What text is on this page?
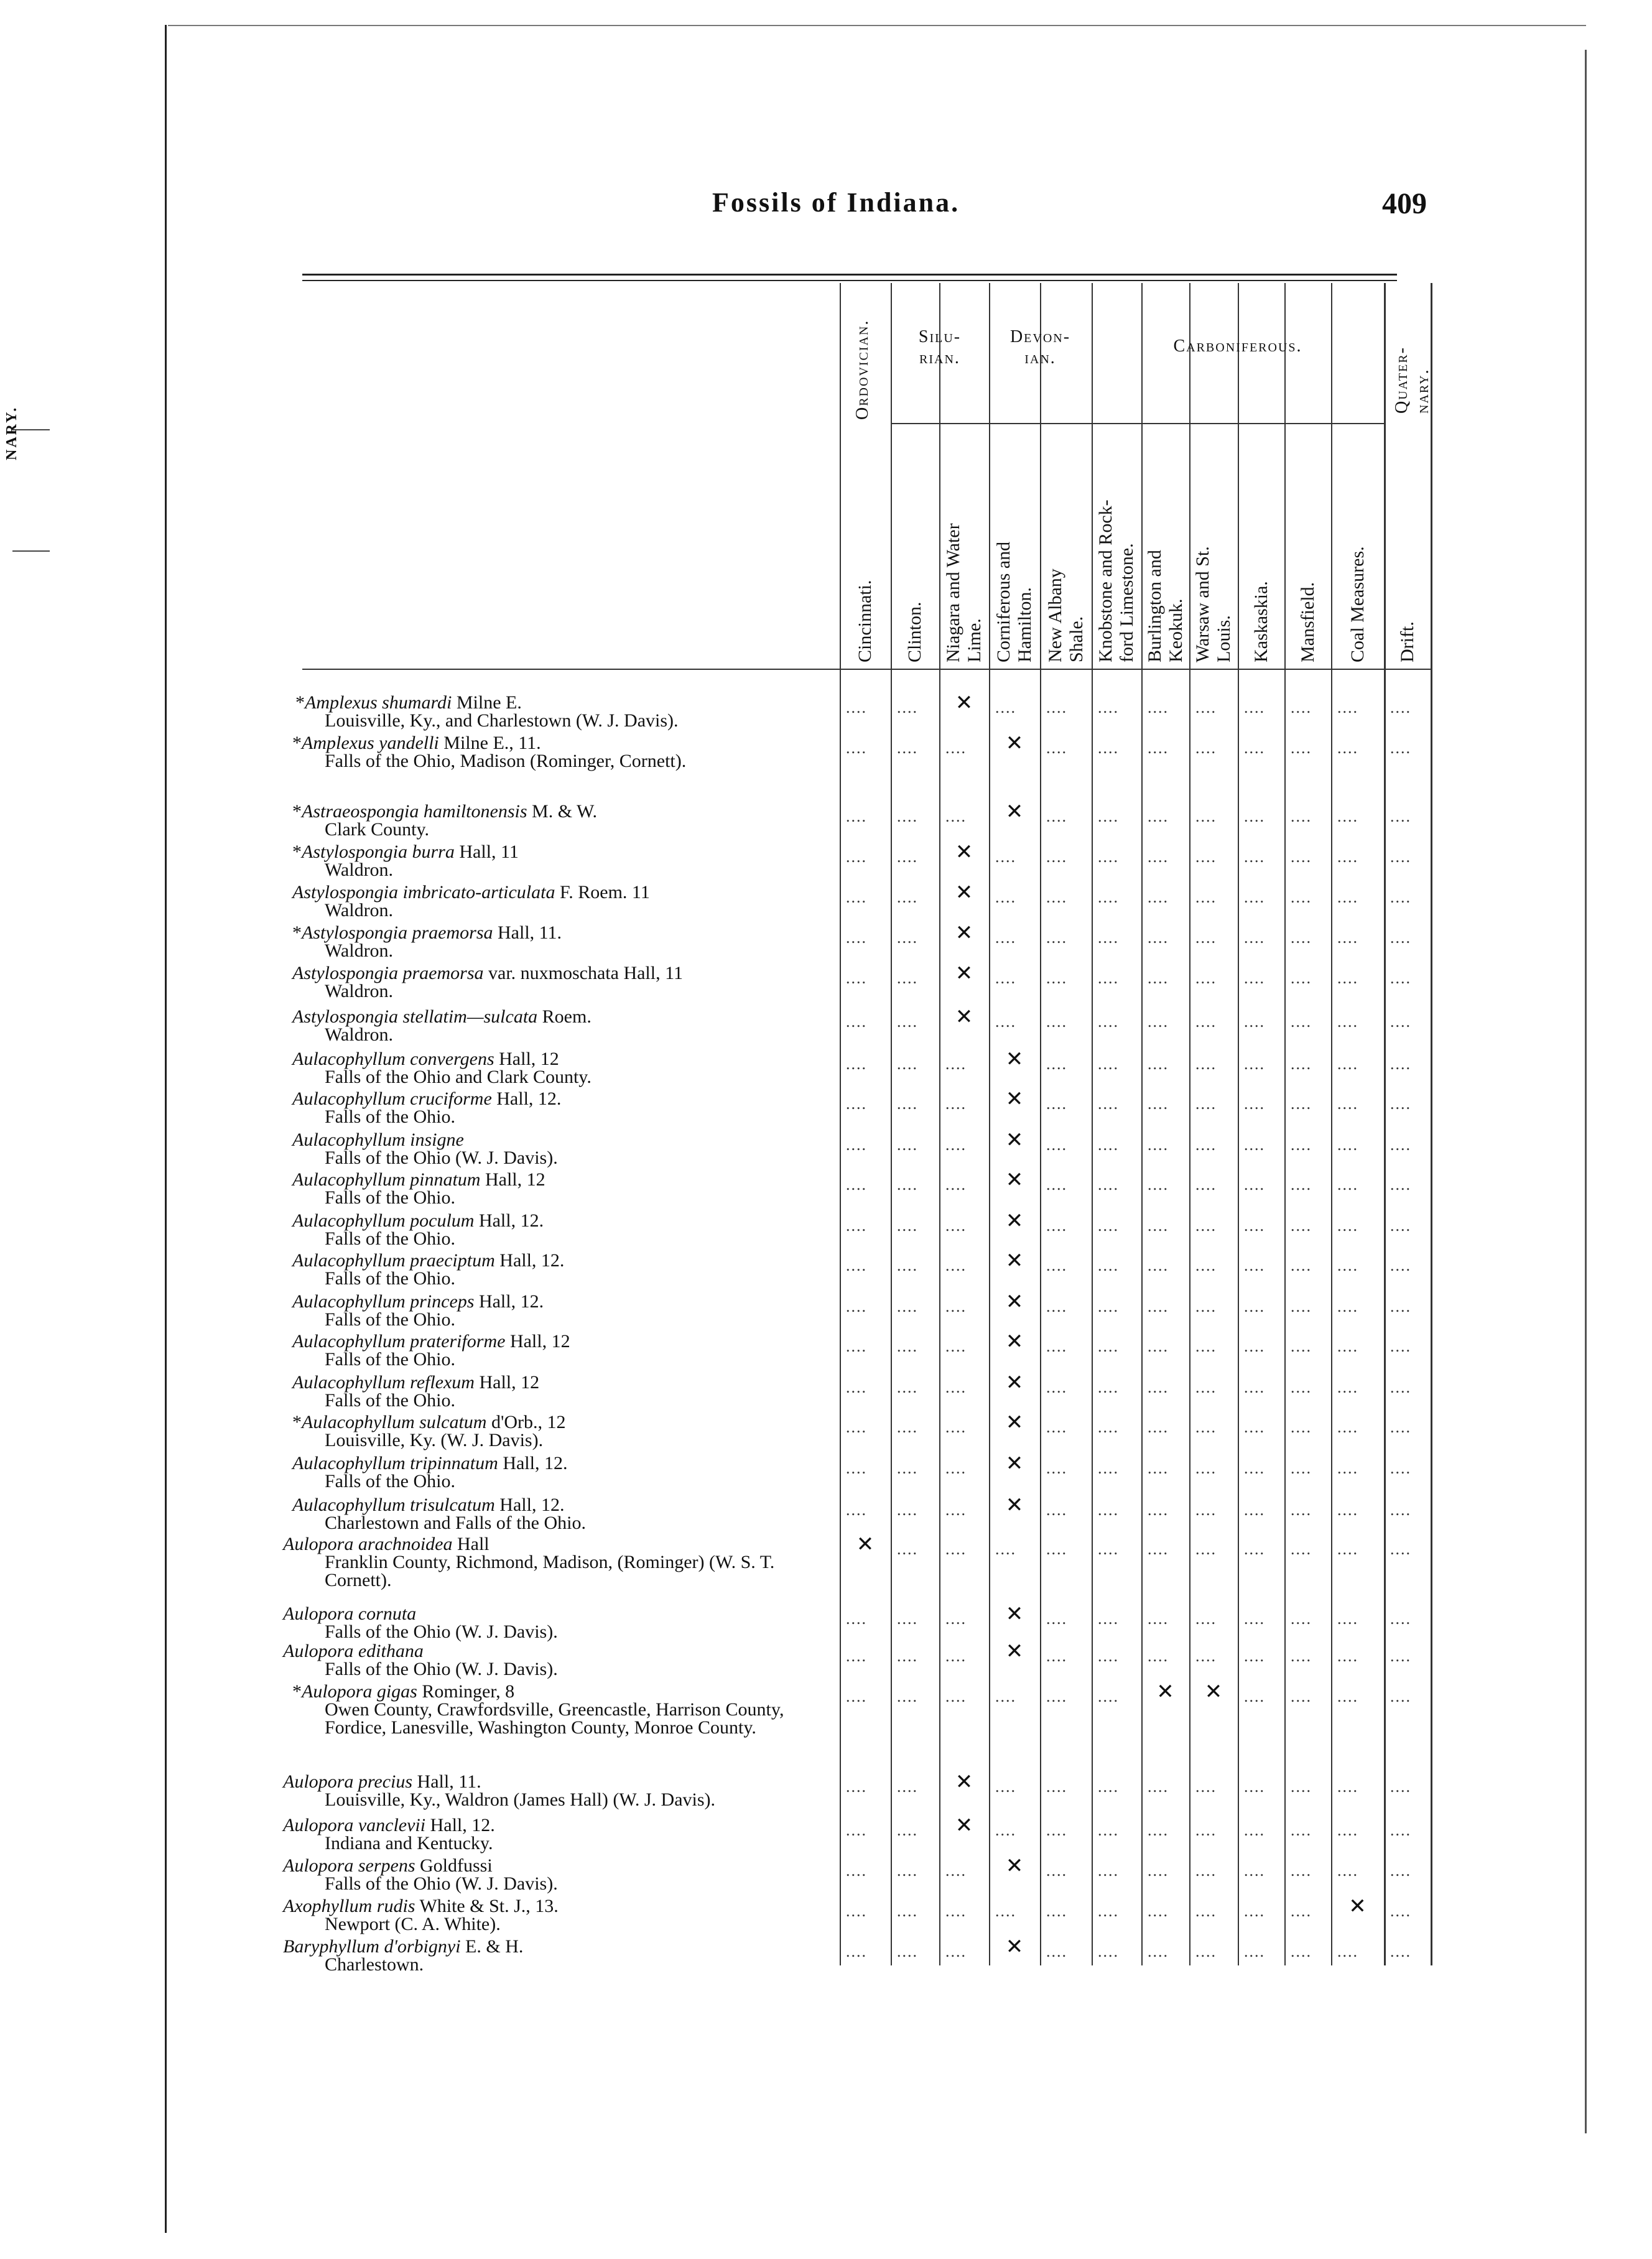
NARY.
Fossils of Indiana.	409
Ordovician.	Silu-
rian.
Devon-
ian.
Carboniferous.
Quater-
nary.
Cincinnati. Clinton. Niagara and Water
Lime. Corniferous and
Hamilton. New Albany
Shale. Knobstone and Rock-
ford Limestone. Burlington and
Keokuk. Warsaw and St.
Louis. Kaskaskia. Mansfield. Coal Measures. Drift.
*Amplexus shumardi Milne E.
Louisville, Ky., and Charlestown (W. J. Davis).
.... .... ✕ .... .... .... .... .... .... .... .... ....
*Amplexus yandelli Milne E., 11.
Falls of the Ohio, Madison (Rominger, Cornett).
.... .... .... ✕ .... .... .... .... .... .... .... ....
*Astraeospongia hamiltonensis M. & W.
Clark County.
.... .... .... ✕ .... .... .... .... .... .... .... ....
*Astylospongia burra Hall, 11
Waldron.
.... .... ✕ .... .... .... .... .... .... .... .... ....
Astylospongia imbricato-articulata F. Roem. 11
Waldron.
.... .... ✕ .... .... .... .... .... .... .... .... ....
*Astylospongia praemorsa Hall, 11.
Waldron.
.... .... ✕ .... .... .... .... .... .... .... .... ....
Astylospongia praemorsa var. nuxmoschata Hall, 11
Waldron.
.... .... ✕ .... .... .... .... .... .... .... .... ....
Astylospongia stellatim—sulcata Roem.
Waldron.
.... .... ✕ .... .... .... .... .... .... .... .... ....
Aulacophyllum convergens Hall, 12
Falls of the Ohio and Clark County.
.... .... .... ✕ .... .... .... .... .... .... .... ....
Aulacophyllum cruciforme Hall, 12.
Falls of the Ohio.
.... .... .... ✕ .... .... .... .... .... .... .... ....
Aulacophyllum insigne
Falls of the Ohio (W. J. Davis).
.... .... .... ✕ .... .... .... .... .... .... .... ....
Aulacophyllum pinnatum Hall, 12
Falls of the Ohio.
.... .... .... ✕ .... .... .... .... .... .... .... ....
Aulacophyllum poculum Hall, 12.
Falls of the Ohio.
.... .... .... ✕ .... .... .... .... .... .... .... ....
Aulacophyllum praeciptum Hall, 12.
Falls of the Ohio.
.... .... .... ✕ .... .... .... .... .... .... .... ....
Aulacophyllum princeps Hall, 12.
Falls of the Ohio.
.... .... .... ✕ .... .... .... .... .... .... .... ....
Aulacophyllum prateriforme Hall, 12
Falls of the Ohio.
.... .... .... ✕ .... .... .... .... .... .... .... ....
Aulacophyllum reflexum Hall, 12
Falls of the Ohio.
.... .... .... ✕ .... .... .... .... .... .... .... ....
*Aulacophyllum sulcatum d'Orb., 12
Louisville, Ky. (W. J. Davis).
.... .... .... ✕ .... .... .... .... .... .... .... ....
Aulacophyllum tripinnatum Hall, 12.
Falls of the Ohio.
.... .... .... ✕ .... .... .... .... .... .... .... ....
Aulacophyllum trisulcatum Hall, 12.
Charlestown and Falls of the Ohio.
.... .... .... ✕ .... .... .... .... .... .... .... ....
Aulopora arachnoidea Hall
Franklin County, Richmond, Madison, (Rominger) (W. S. T. Cornett).
✕ .... .... .... .... .... .... .... .... .... .... ....
Aulopora cornuta
Falls of the Ohio (W. J. Davis).
.... .... .... ✕ .... .... .... .... .... .... .... ....
Aulopora edithana
Falls of the Ohio (W. J. Davis).
.... .... .... ✕ .... .... .... .... .... .... .... ....
*Aulopora gigas Rominger, 8
Owen County, Crawfordsville, Greencastle, Harrison County, Fordice, Lanesville, Washington County, Monroe County.
.... .... .... .... .... .... ✕ ✕ .... .... .... ....
Aulopora precius Hall, 11.
Louisville, Ky., Waldron (James Hall) (W. J. Davis).
.... .... ✕ .... .... .... .... .... .... .... .... ....
Aulopora vanclevii Hall, 12.
Indiana and Kentucky.
.... .... ✕ .... .... .... .... .... .... .... .... ....
Aulopora serpens Goldfussi
Falls of the Ohio (W. J. Davis).
.... .... .... ✕ .... .... .... .... .... .... .... ....
Axophyllum rudis White & St. J., 13.
Newport (C. A. White).
.... .... .... .... .... .... .... .... .... .... ✕ ....
Baryphyllum d'orbignyi E. & H.
Charlestown.
.... .... .... ✕ .... .... .... .... .... .... .... ....
